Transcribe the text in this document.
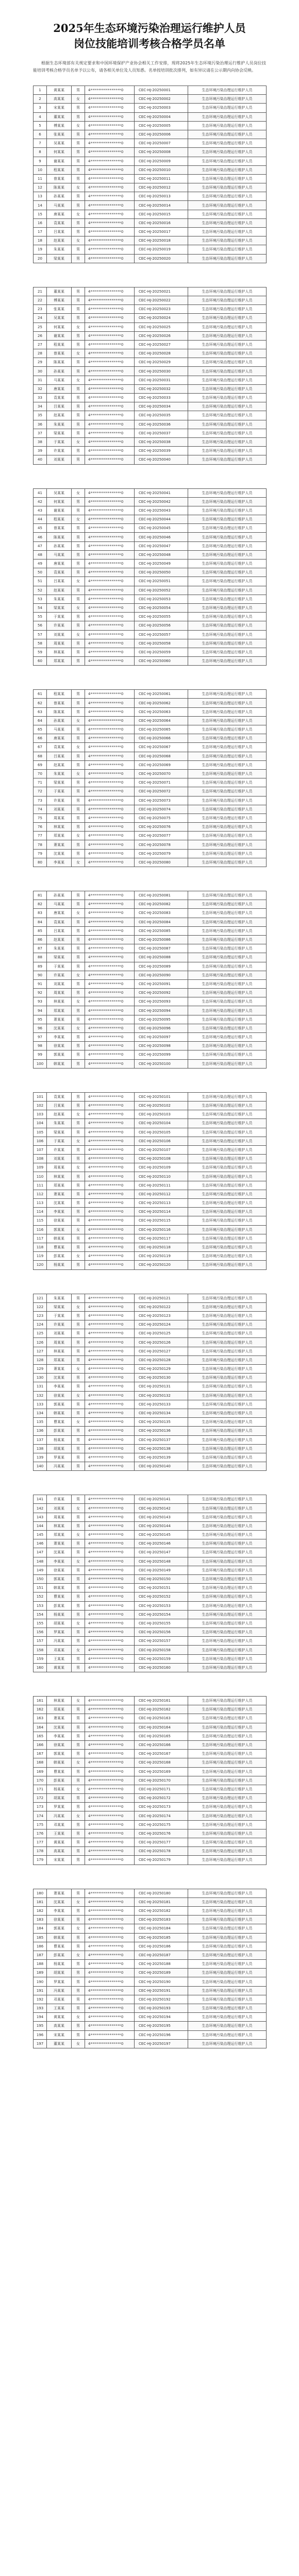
2025年生态环境污染治理运行维护人员
岗位技能培训考核合格学员名单

根据生态环境部有关规定要求和中国环境保护产业协会相关工作安排，现将2025年生态环境污染治理运行维护人员岗位技能培训考核合格学员名单予以公布，请各相关单位及人员知悉。名单按培训批次排列，如有异议请在公示期内向协会反映。

1	黄某某	男	4****************0	CEC-HJ-20250001	生态环境污染治理运行维护人员
2	高某某	女	4****************0	CEC-HJ-20250002	生态环境污染治理运行维护人员
3	宋某某	男	4****************0	CEC-HJ-20250003	生态环境污染治理运行维护人员
4	董某某	男	4****************0	CEC-HJ-20250004	生态环境污染治理运行维护人员
5	傅某某	女	4****************0	CEC-HJ-20250005	生态环境污染治理运行维护人员
6	张某某	男	4****************0	CEC-HJ-20250006	生态环境污染治理运行维护人员
7	吴某某	男	4****************0	CEC-HJ-20250007	生态环境污染治理运行维护人员
8	何某某	男	4****************0	CEC-HJ-20250008	生态环境污染治理运行维护人员
9	谢某某	男	4****************0	CEC-HJ-20250009	生态环境污染治理运行维护人员
10	程某某	男	4****************0	CEC-HJ-20250010	生态环境污染治理运行维护人员
11	曾某某	男	4****************0	CEC-HJ-20250011	生态环境污染治理运行维护人员
12	陈某某	女	4****************0	CEC-HJ-20250012	生态环境污染治理运行维护人员
13	孙某某	男	4****************0	CEC-HJ-20250013	生态环境污染治理运行维护人员
14	马某某	男	4****************0	CEC-HJ-20250014	生态环境污染治理运行维护人员
15	唐某某	女	4****************0	CEC-HJ-20250015	生态环境污染治理运行维护人员
16	袁某某	男	4****************0	CEC-HJ-20250016	生态环境污染治理运行维护人员
17	吕某某	男	4****************0	CEC-HJ-20250017	生态环境污染治理运行维护人员
18	赵某某	女	4****************0	CEC-HJ-20250018	生态环境污染治理运行维护人员
19	朱某某	男	4****************0	CEC-HJ-20250019	生态环境污染治理运行维护人员
20	梁某某	男	4****************0	CEC-HJ-20250020	生态环境污染治理运行维护人员
21	董某某	男	4****************0	CEC-HJ-20250021	生态环境污染治理运行维护人员
22	傅某某	男	4****************0	CEC-HJ-20250022	生态环境污染治理运行维护人员
23	张某某	男	4****************0	CEC-HJ-20250023	生态环境污染治理运行维护人员
24	吴某某	男	4****************0	CEC-HJ-20250024	生态环境污染治理运行维护人员
25	何某某	女	4****************0	CEC-HJ-20250025	生态环境污染治理运行维护人员
26	谢某某	男	4****************0	CEC-HJ-20250026	生态环境污染治理运行维护人员
27	程某某	男	4****************0	CEC-HJ-20250027	生态环境污染治理运行维护人员
28	曾某某	女	4****************0	CEC-HJ-20250028	生态环境污染治理运行维护人员
29	陈某某	男	4****************0	CEC-HJ-20250029	生态环境污染治理运行维护人员
30	孙某某	男	4****************0	CEC-HJ-20250030	生态环境污染治理运行维护人员
31	马某某	女	4****************0	CEC-HJ-20250031	生态环境污染治理运行维护人员
32	唐某某	男	4****************0	CEC-HJ-20250032	生态环境污染治理运行维护人员
33	袁某某	男	4****************0	CEC-HJ-20250033	生态环境污染治理运行维护人员
34	吕某某	男	4****************0	CEC-HJ-20250034	生态环境污染治理运行维护人员
35	赵某某	男	4****************0	CEC-HJ-20250035	生态环境污染治理运行维护人员
36	朱某某	男	4****************0	CEC-HJ-20250036	生态环境污染治理运行维护人员
37	梁某某	男	4****************0	CEC-HJ-20250037	生态环境污染治理运行维护人员
38	于某某	女	4****************0	CEC-HJ-20250038	生态环境污染治理运行维护人员
39	许某某	男	4****************0	CEC-HJ-20250039	生态环境污染治理运行维护人员
40	刘某某	男	4****************0	CEC-HJ-20250040	生态环境污染治理运行维护人员
41	吴某某	女	4****************0	CEC-HJ-20250041	生态环境污染治理运行维护人员
42	何某某	男	4****************0	CEC-HJ-20250042	生态环境污染治理运行维护人员
43	谢某某	男	4****************0	CEC-HJ-20250043	生态环境污染治理运行维护人员
44	程某某	女	4****************0	CEC-HJ-20250044	生态环境污染治理运行维护人员
45	曾某某	男	4****************0	CEC-HJ-20250045	生态环境污染治理运行维护人员
46	陈某某	男	4****************0	CEC-HJ-20250046	生态环境污染治理运行维护人员
47	孙某某	男	4****************0	CEC-HJ-20250047	生态环境污染治理运行维护人员
48	马某某	男	4****************0	CEC-HJ-20250048	生态环境污染治理运行维护人员
49	唐某某	男	4****************0	CEC-HJ-20250049	生态环境污染治理运行维护人员
50	袁某某	男	4****************0	CEC-HJ-20250050	生态环境污染治理运行维护人员
51	吕某某	女	4****************0	CEC-HJ-20250051	生态环境污染治理运行维护人员
52	赵某某	男	4****************0	CEC-HJ-20250052	生态环境污染治理运行维护人员
53	朱某某	男	4****************0	CEC-HJ-20250053	生态环境污染治理运行维护人员
54	梁某某	女	4****************0	CEC-HJ-20250054	生态环境污染治理运行维护人员
55	于某某	男	4****************0	CEC-HJ-20250055	生态环境污染治理运行维护人员
56	许某某	男	4****************0	CEC-HJ-20250056	生态环境污染治理运行维护人员
57	刘某某	女	4****************0	CEC-HJ-20250057	生态环境污染治理运行维护人员
58	周某某	男	4****************0	CEC-HJ-20250058	生态环境污染治理运行维护人员
59	林某某	男	4****************0	CEC-HJ-20250059	生态环境污染治理运行维护人员
60	郑某某	男	4****************0	CEC-HJ-20250060	生态环境污染治理运行维护人员
61	程某某	男	4****************0	CEC-HJ-20250061	生态环境污染治理运行维护人员
62	曾某某	男	4****************0	CEC-HJ-20250062	生态环境污染治理运行维护人员
63	陈某某	男	4****************0	CEC-HJ-20250063	生态环境污染治理运行维护人员
64	孙某某	女	4****************0	CEC-HJ-20250064	生态环境污染治理运行维护人员
65	马某某	男	4****************0	CEC-HJ-20250065	生态环境污染治理运行维护人员
66	唐某某	男	4****************0	CEC-HJ-20250066	生态环境污染治理运行维护人员
67	袁某某	女	4****************0	CEC-HJ-20250067	生态环境污染治理运行维护人员
68	吕某某	男	4****************0	CEC-HJ-20250068	生态环境污染治理运行维护人员
69	赵某某	男	4****************0	CEC-HJ-20250069	生态环境污染治理运行维护人员
70	朱某某	女	4****************0	CEC-HJ-20250070	生态环境污染治理运行维护人员
71	梁某某	男	4****************0	CEC-HJ-20250071	生态环境污染治理运行维护人员
72	于某某	男	4****************0	CEC-HJ-20250072	生态环境污染治理运行维护人员
73	许某某	男	4****************0	CEC-HJ-20250073	生态环境污染治理运行维护人员
74	刘某某	男	4****************0	CEC-HJ-20250074	生态环境污染治理运行维护人员
75	周某某	男	4****************0	CEC-HJ-20250075	生态环境污染治理运行维护人员
76	林某某	男	4****************0	CEC-HJ-20250076	生态环境污染治理运行维护人员
77	郑某某	女	4****************0	CEC-HJ-20250077	生态环境污染治理运行维护人员
78	萧某某	男	4****************0	CEC-HJ-20250078	生态环境污染治理运行维护人员
79	沈某某	男	4****************0	CEC-HJ-20250079	生态环境污染治理运行维护人员
80	李某某	女	4****************0	CEC-HJ-20250080	生态环境污染治理运行维护人员
81	孙某某	男	4****************0	CEC-HJ-20250081	生态环境污染治理运行维护人员
82	马某某	男	4****************0	CEC-HJ-20250082	生态环境污染治理运行维护人员
83	唐某某	女	4****************0	CEC-HJ-20250083	生态环境污染治理运行维护人员
84	袁某某	男	4****************0	CEC-HJ-20250084	生态环境污染治理运行维护人员
85	吕某某	男	4****************0	CEC-HJ-20250085	生态环境污染治理运行维护人员
86	赵某某	男	4****************0	CEC-HJ-20250086	生态环境污染治理运行维护人员
87	朱某某	男	4****************0	CEC-HJ-20250087	生态环境污染治理运行维护人员
88	梁某某	男	4****************0	CEC-HJ-20250088	生态环境污染治理运行维护人员
89	于某某	男	4****************0	CEC-HJ-20250089	生态环境污染治理运行维护人员
90	许某某	女	4****************0	CEC-HJ-20250090	生态环境污染治理运行维护人员
91	刘某某	男	4****************0	CEC-HJ-20250091	生态环境污染治理运行维护人员
92	周某某	男	4****************0	CEC-HJ-20250092	生态环境污染治理运行维护人员
93	林某某	女	4****************0	CEC-HJ-20250093	生态环境污染治理运行维护人员
94	郑某某	男	4****************0	CEC-HJ-20250094	生态环境污染治理运行维护人员
95	萧某某	男	4****************0	CEC-HJ-20250095	生态环境污染治理运行维护人员
96	沈某某	女	4****************0	CEC-HJ-20250096	生态环境污染治理运行维护人员
97	李某某	男	4****************0	CEC-HJ-20250097	生态环境污染治理运行维护人员
98	徐某某	男	4****************0	CEC-HJ-20250098	生态环境污染治理运行维护人员
99	郭某某	男	4****************0	CEC-HJ-20250099	生态环境污染治理运行维护人员
100	韩某某	男	4****************0	CEC-HJ-20250100	生态环境污染治理运行维护人员
101	袁某某	男	4****************0	CEC-HJ-20250101	生态环境污染治理运行维护人员
102	吕某某	男	4****************0	CEC-HJ-20250102	生态环境污染治理运行维护人员
103	赵某某	女	4****************0	CEC-HJ-20250103	生态环境污染治理运行维护人员
104	朱某某	男	4****************0	CEC-HJ-20250104	生态环境污染治理运行维护人员
105	梁某某	男	4****************0	CEC-HJ-20250105	生态环境污染治理运行维护人员
106	于某某	女	4****************0	CEC-HJ-20250106	生态环境污染治理运行维护人员
107	许某某	男	4****************0	CEC-HJ-20250107	生态环境污染治理运行维护人员
108	刘某某	男	4****************0	CEC-HJ-20250108	生态环境污染治理运行维护人员
109	周某某	女	4****************0	CEC-HJ-20250109	生态环境污染治理运行维护人员
110	林某某	男	4****************0	CEC-HJ-20250110	生态环境污染治理运行维护人员
111	郑某某	男	4****************0	CEC-HJ-20250111	生态环境污染治理运行维护人员
112	萧某某	男	4****************0	CEC-HJ-20250112	生态环境污染治理运行维护人员
113	沈某某	男	4****************0	CEC-HJ-20250113	生态环境污染治理运行维护人员
114	李某某	男	4****************0	CEC-HJ-20250114	生态环境污染治理运行维护人员
115	徐某某	男	4****************0	CEC-HJ-20250115	生态环境污染治理运行维护人员
116	郭某某	女	4****************0	CEC-HJ-20250116	生态环境污染治理运行维护人员
117	韩某某	男	4****************0	CEC-HJ-20250117	生态环境污染治理运行维护人员
118	曹某某	男	4****************0	CEC-HJ-20250118	生态环境污染治理运行维护人员
119	彭某某	女	4****************0	CEC-HJ-20250119	生态环境污染治理运行维护人员
120	杨某某	男	4****************0	CEC-HJ-20250120	生态环境污染治理运行维护人员
121	朱某某	男	4****************0	CEC-HJ-20250121	生态环境污染治理运行维护人员
122	梁某某	女	4****************0	CEC-HJ-20250122	生态环境污染治理运行维护人员
123	于某某	男	4****************0	CEC-HJ-20250123	生态环境污染治理运行维护人员
124	许某某	男	4****************0	CEC-HJ-20250124	生态环境污染治理运行维护人员
125	刘某某	男	4****************0	CEC-HJ-20250125	生态环境污染治理运行维护人员
126	周某某	男	4****************0	CEC-HJ-20250126	生态环境污染治理运行维护人员
127	林某某	男	4****************0	CEC-HJ-20250127	生态环境污染治理运行维护人员
128	郑某某	男	4****************0	CEC-HJ-20250128	生态环境污染治理运行维护人员
129	萧某某	女	4****************0	CEC-HJ-20250129	生态环境污染治理运行维护人员
130	沈某某	男	4****************0	CEC-HJ-20250130	生态环境污染治理运行维护人员
131	李某某	男	4****************0	CEC-HJ-20250131	生态环境污染治理运行维护人员
132	徐某某	女	4****************0	CEC-HJ-20250132	生态环境污染治理运行维护人员
133	郭某某	男	4****************0	CEC-HJ-20250133	生态环境污染治理运行维护人员
134	韩某某	男	4****************0	CEC-HJ-20250134	生态环境污染治理运行维护人员
135	曹某某	女	4****************0	CEC-HJ-20250135	生态环境污染治理运行维护人员
136	彭某某	男	4****************0	CEC-HJ-20250136	生态环境污染治理运行维护人员
137	杨某某	男	4****************0	CEC-HJ-20250137	生态环境污染治理运行维护人员
138	胡某某	男	4****************0	CEC-HJ-20250138	生态环境污染治理运行维护人员
139	罗某某	男	4****************0	CEC-HJ-20250139	生态环境污染治理运行维护人员
140	冯某某	男	4****************0	CEC-HJ-20250140	生态环境污染治理运行维护人员
141	许某某	男	4****************0	CEC-HJ-20250141	生态环境污染治理运行维护人员
142	刘某某	女	4****************0	CEC-HJ-20250142	生态环境污染治理运行维护人员
143	周某某	男	4****************0	CEC-HJ-20250143	生态环境污染治理运行维护人员
144	林某某	男	4****************0	CEC-HJ-20250144	生态环境污染治理运行维护人员
145	郑某某	女	4****************0	CEC-HJ-20250145	生态环境污染治理运行维护人员
146	萧某某	男	4****************0	CEC-HJ-20250146	生态环境污染治理运行维护人员
147	沈某某	男	4****************0	CEC-HJ-20250147	生态环境污染治理运行维护人员
148	李某某	女	4****************0	CEC-HJ-20250148	生态环境污染治理运行维护人员
149	徐某某	男	4****************0	CEC-HJ-20250149	生态环境污染治理运行维护人员
150	郭某某	男	4****************0	CEC-HJ-20250150	生态环境污染治理运行维护人员
151	韩某某	男	4****************0	CEC-HJ-20250151	生态环境污染治理运行维护人员
152	曹某某	男	4****************0	CEC-HJ-20250152	生态环境污染治理运行维护人员
153	彭某某	男	4****************0	CEC-HJ-20250153	生态环境污染治理运行维护人员
154	杨某某	男	4****************0	CEC-HJ-20250154	生态环境污染治理运行维护人员
155	胡某某	女	4****************0	CEC-HJ-20250155	生态环境污染治理运行维护人员
156	罗某某	男	4****************0	CEC-HJ-20250156	生态环境污染治理运行维护人员
157	冯某某	男	4****************0	CEC-HJ-20250157	生态环境污染治理运行维护人员
158	邓某某	女	4****************0	CEC-HJ-20250158	生态环境污染治理运行维护人员
159	王某某	男	4****************0	CEC-HJ-20250159	生态环境污染治理运行维护人员
160	黄某某	男	4****************0	CEC-HJ-20250160	生态环境污染治理运行维护人员
161	林某某	女	4****************0	CEC-HJ-20250161	生态环境污染治理运行维护人员
162	郑某某	男	4****************0	CEC-HJ-20250162	生态环境污染治理运行维护人员
163	萧某某	男	4****************0	CEC-HJ-20250163	生态环境污染治理运行维护人员
164	沈某某	男	4****************0	CEC-HJ-20250164	生态环境污染治理运行维护人员
165	李某某	男	4****************0	CEC-HJ-20250165	生态环境污染治理运行维护人员
166	徐某某	男	4****************0	CEC-HJ-20250166	生态环境污染治理运行维护人员
167	郭某某	男	4****************0	CEC-HJ-20250167	生态环境污染治理运行维护人员
168	韩某某	女	4****************0	CEC-HJ-20250168	生态环境污染治理运行维护人员
169	曹某某	男	4****************0	CEC-HJ-20250169	生态环境污染治理运行维护人员
170	彭某某	男	4****************0	CEC-HJ-20250170	生态环境污染治理运行维护人员
171	杨某某	女	4****************0	CEC-HJ-20250171	生态环境污染治理运行维护人员
172	胡某某	男	4****************0	CEC-HJ-20250172	生态环境污染治理运行维护人员
173	罗某某	男	4****************0	CEC-HJ-20250173	生态环境污染治理运行维护人员
174	冯某某	女	4****************0	CEC-HJ-20250174	生态环境污染治理运行维护人员
175	邓某某	男	4****************0	CEC-HJ-20250175	生态环境污染治理运行维护人员
176	王某某	男	4****************0	CEC-HJ-20250176	生态环境污染治理运行维护人员
177	黄某某	男	4****************0	CEC-HJ-20250177	生态环境污染治理运行维护人员
178	高某某	男	4****************0	CEC-HJ-20250178	生态环境污染治理运行维护人员
179	宋某某	男	4****************0	CEC-HJ-20250179	生态环境污染治理运行维护人员
180	萧某某	男	4****************0	CEC-HJ-20250180	生态环境污染治理运行维护人员
181	沈某某	女	4****************0	CEC-HJ-20250181	生态环境污染治理运行维护人员
182	李某某	男	4****************0	CEC-HJ-20250182	生态环境污染治理运行维护人员
183	徐某某	男	4****************0	CEC-HJ-20250183	生态环境污染治理运行维护人员
184	郭某某	女	4****************0	CEC-HJ-20250184	生态环境污染治理运行维护人员
185	韩某某	男	4****************0	CEC-HJ-20250185	生态环境污染治理运行维护人员
186	曹某某	男	4****************0	CEC-HJ-20250186	生态环境污染治理运行维护人员
187	彭某某	女	4****************0	CEC-HJ-20250187	生态环境污染治理运行维护人员
188	杨某某	男	4****************0	CEC-HJ-20250188	生态环境污染治理运行维护人员
189	胡某某	男	4****************0	CEC-HJ-20250189	生态环境污染治理运行维护人员
190	罗某某	男	4****************0	CEC-HJ-20250190	生态环境污染治理运行维护人员
191	冯某某	男	4****************0	CEC-HJ-20250191	生态环境污染治理运行维护人员
192	邓某某	男	4****************0	CEC-HJ-20250192	生态环境污染治理运行维护人员
193	王某某	男	4****************0	CEC-HJ-20250193	生态环境污染治理运行维护人员
194	黄某某	女	4****************0	CEC-HJ-20250194	生态环境污染治理运行维护人员
195	高某某	男	4****************0	CEC-HJ-20250195	生态环境污染治理运行维护人员
196	宋某某	男	4****************0	CEC-HJ-20250196	生态环境污染治理运行维护人员
197	董某某	女	4****************0	CEC-HJ-20250197	生态环境污染治理运行维护人员
